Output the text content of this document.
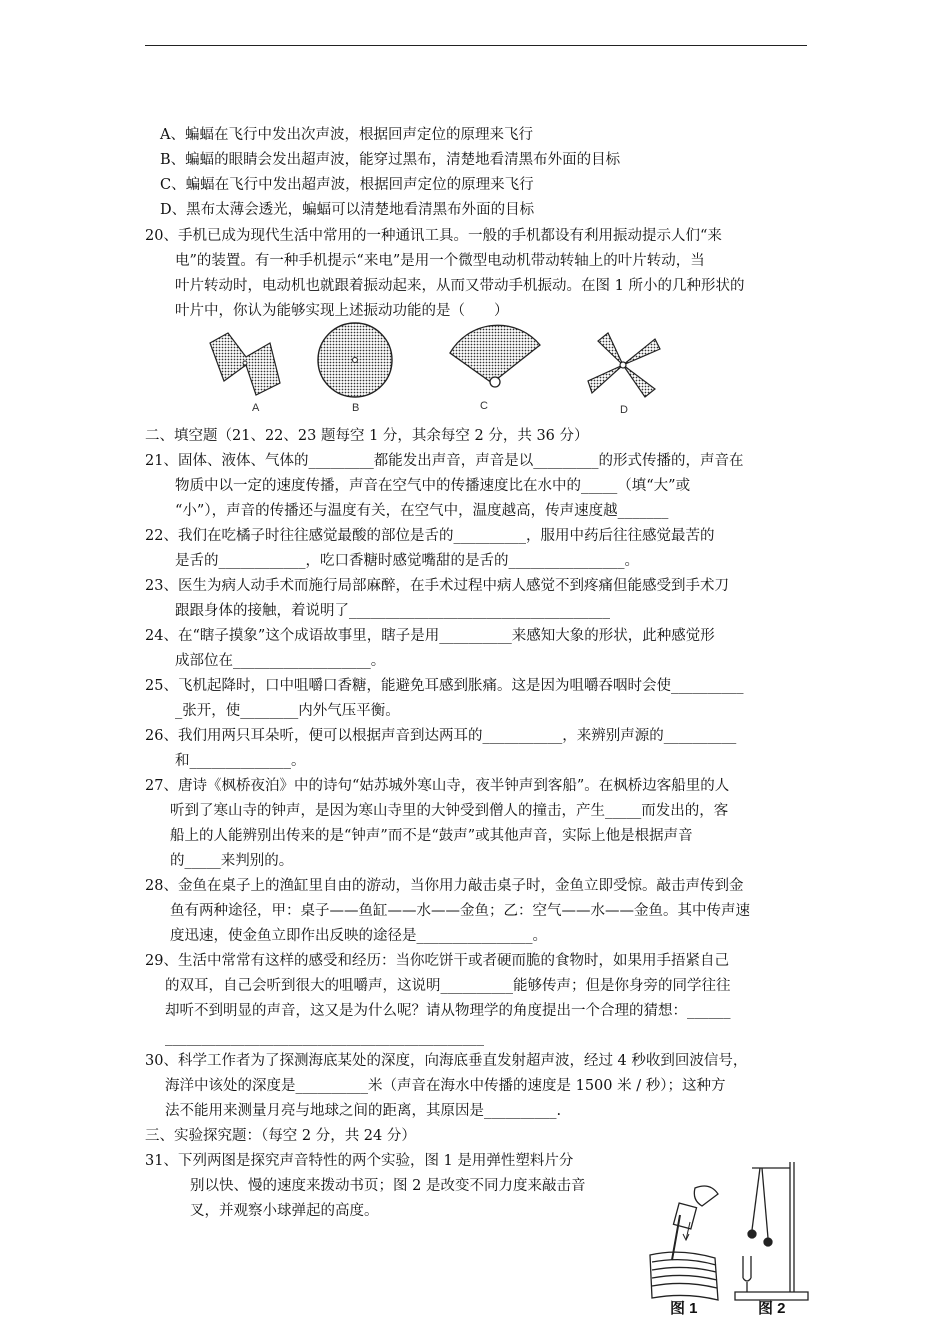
A、蝙蝠在飞行中发出次声波，根据回声定位的原理来飞行
B、蝙蝠的眼睛会发出超声波，能穿过黑布，清楚地看清黑布外面的目标
C、蝙蝠在飞行中发出超声波，根据回声定位的原理来飞行
D、黑布太薄会透光，蝙蝠可以清楚地看清黑布外面的目标
20、手机已成为现代生活中常用的一种通讯工具。一般的手机都设有利用振动提示人们“来
电”的装置。有一种手机提示“来电”是用一个微型电动机带动转轴上的叶片转动，当
叶片转动时，电动机也就跟着振动起来，从而又带动手机振动。在图 1 所小的几种形状的
叶片中，你认为能够实现上述振动功能的是（　　）
A	B	C	D
二、填空题（21、22、23 题每空 1 分，其余每空 2 分，共 36 分）
21、固体、液体、气体的_________都能发出声音，声音是以_________的形式传播的，声音在
物质中以一定的速度传播，声音在空气中的传播速度比在水中的_____（填“大”或
“小”），声音的传播还与温度有关，在空气中，温度越高，传声速度越_______
22、我们在吃橘子时往往感觉最酸的部位是舌的__________，服用中药后往往感觉最苦的
是舌的____________，吃口香糖时感觉嘴甜的是舌的________________。
23、医生为病人动手术而施行局部麻醉，在手术过程中病人感觉不到疼痛但能感受到手术刀
跟跟身体的接触，着说明了____________________________________
24、在“瞎子摸象”这个成语故事里，瞎子是用__________来感知大象的形状，此种感觉形
成部位在___________________。
25、飞机起降时，口中咀嚼口香糖，能避免耳感到胀痛。这是因为咀嚼吞咽时会使__________
_张开，使________内外气压平衡。
26、我们用两只耳朵听，便可以根据声音到达两耳的___________，来辨别声源的__________
和______________。
27、唐诗《枫桥夜泊》中的诗句“姑苏城外寒山寺，夜半钟声到客船”。在枫桥边客船里的人
听到了寒山寺的钟声，是因为寒山寺里的大钟受到僧人的撞击，产生_____而发出的，客
船上的人能辨别出传来的是“钟声”而不是“鼓声”或其他声音，实际上他是根据声音
的_____来判别的。
28、金鱼在桌子上的渔缸里自由的游动，当你用力敲击桌子时，金鱼立即受惊。敲击声传到金
鱼有两种途径，甲：桌子——鱼缸——水——金鱼；乙：空气——水——金鱼。其中传声速
度迅速，使金鱼立即作出反映的途径是________________。
29、生活中常常有这样的感受和经历：当你吃饼干或者硬而脆的食物时，如果用手捂紧自己
的双耳，自己会听到很大的咀嚼声，这说明__________能够传声；但是你身旁的同学往往
却听不到明显的声音，这又是为什么呢？请从物理学的角度提出一个合理的猜想：______
____________________________________________
30、科学工作者为了探测海底某处的深度，向海底垂直发射超声波，经过 4 秒收到回波信号，
海洋中该处的深度是__________米（声音在海水中传播的速度是 1500 米 / 秒）；这种方
法不能用来测量月亮与地球之间的距离，其原因是__________.
三、实验探究题：（每空 2 分，共 24 分）
31、下列两图是探究声音特性的两个实验，图 1 是用弹性塑料片分
别以快、慢的速度来拨动书页；图 2 是改变不同力度来敲击音
叉，并观察小球弹起的高度。
图 1	图 2
